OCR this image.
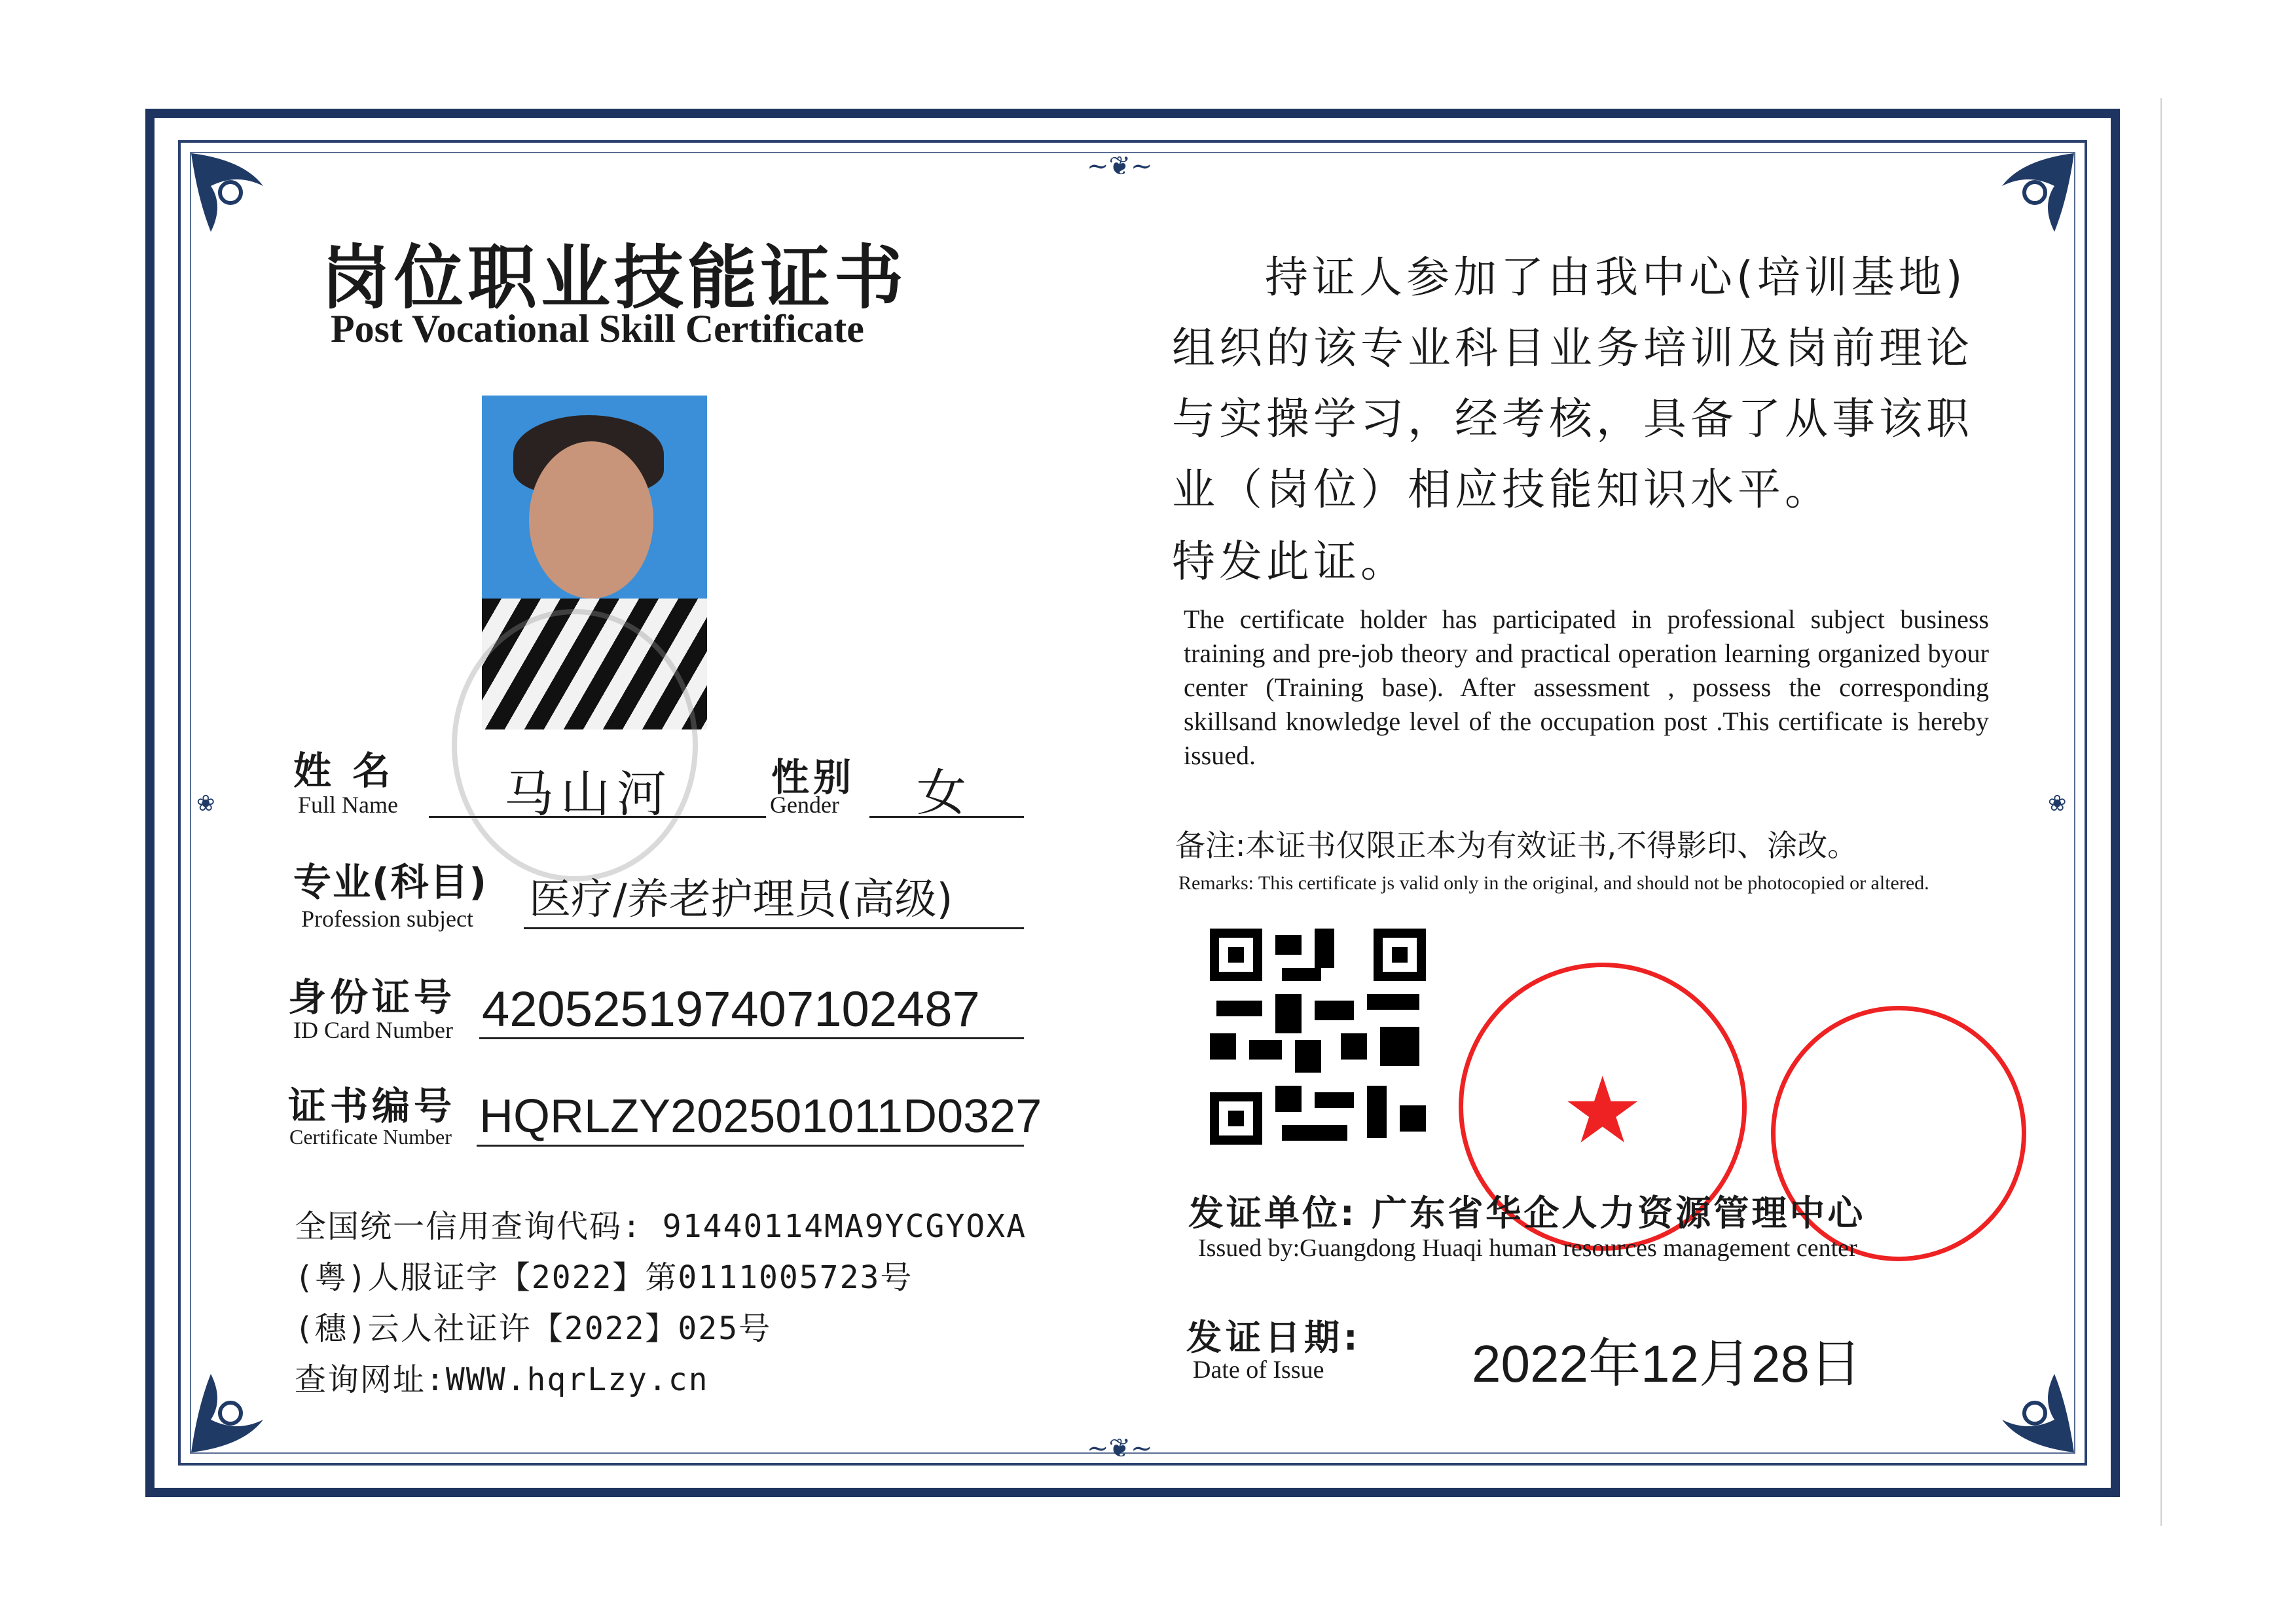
~❦~
~❦~
❀	❀
岗位职业技能证书
Post Vocational Skill Certificate
姓 名
Full Name 马山河	性别
Gender 女
专业(科目)
Profession subject 医疗/养老护理员(高级)
身份证号
ID Card Number 420525197407102487
证书编号
Certificate Number HQRLZY202501011D0327
全国统一信用查询代码: 91440114MA9YCGYOXA
(粤)人服证字【2022】第0111005723号
(穗)云人社证许【2022】025号
查询网址:WWW.hqrLzy.cn
持证人参加了由我中心(培训基地)
组织的该专业科目业务培训及岗前理论
与实操学习，经考核，具备了从事该职
业（岗位）相应技能知识水平。
特发此证。
The certificate holder has participated in professional subject business training and pre-job theory and practical operation learning organized byour center (Training base). After assessment , possess the corresponding skillsand knowledge level of the occupation post .This certificate is hereby issued.
备注:本证书仅限正本为有效证书,不得影印、涂改。
Remarks: This certificate js valid only in the original, and should not be photocopied or altered.
★
发证单位: 广东省华企人力资源管理中心
Issued by:Guangdong Huaqi human resources management center
发证日期:
Date of Issue	2022年12月28日
